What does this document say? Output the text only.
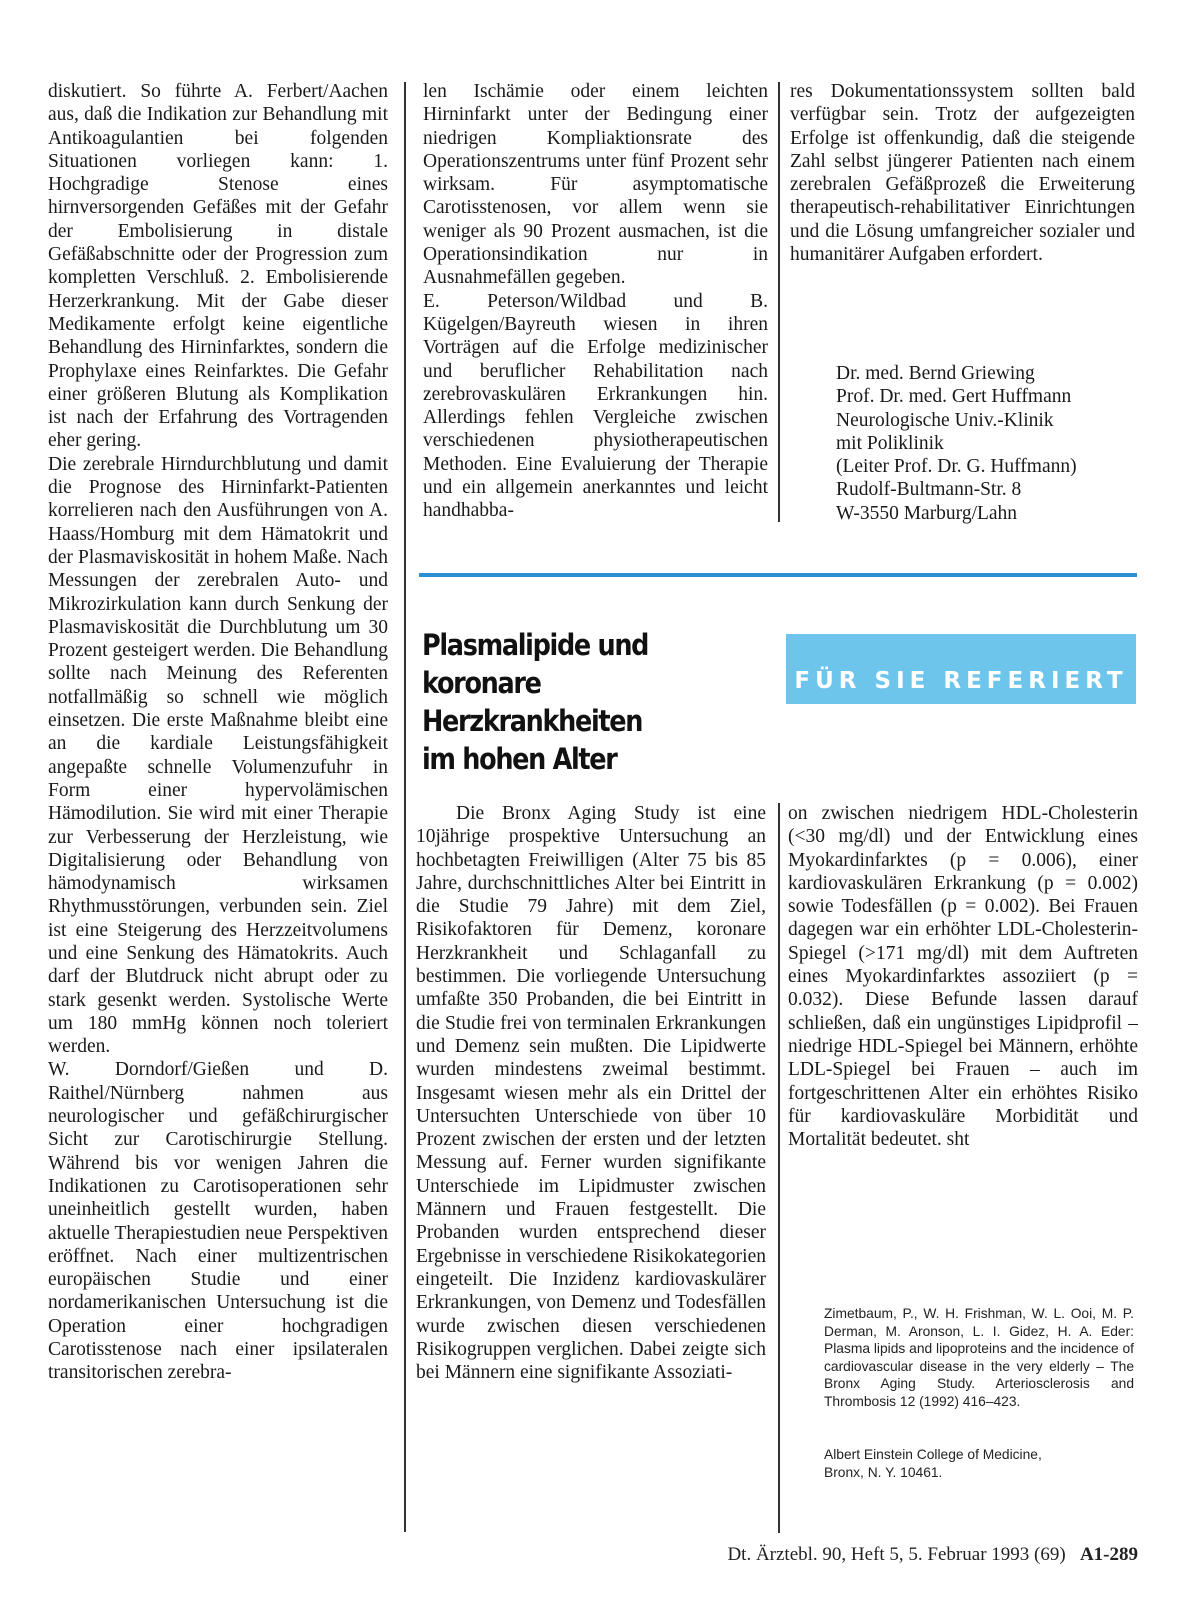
diskutiert. So führte A. Ferbert/Aachen aus, daß die Indikation zur Behandlung mit Antikoagulantien bei folgenden Situationen vorliegen kann: 1. Hochgradige Stenose eines hirnversorgenden Gefäßes mit der Gefahr der Embolisierung in distale Gefäßabschnitte oder der Progression zum kompletten Verschluß. 2. Embolisierende Herzerkrankung. Mit der Gabe dieser Medikamente erfolgt keine eigentliche Behandlung des Hirninfarktes, sondern die Prophylaxe eines Reinfarktes. Die Gefahr einer größeren Blutung als Komplikation ist nach der Erfahrung des Vortragenden eher gering.

Die zerebrale Hirndurchblutung und damit die Prognose des Hirninfarkt-Patienten korrelieren nach den Ausführungen von A. Haass/Homburg mit dem Hämatokrit und der Plasmaviskosität in hohem Maße. Nach Messungen der zerebralen Auto- und Mikrozirkulation kann durch Senkung der Plasmaviskosität die Durchblutung um 30 Prozent gesteigert werden. Die Behandlung sollte nach Meinung des Referenten notfallmäßig so schnell wie möglich einsetzen. Die erste Maßnahme bleibt eine an die kardiale Leistungsfähigkeit angepaßte schnelle Volumenzufuhr in Form einer hypervolämischen Hämodilution. Sie wird mit einer Therapie zur Verbesserung der Herzleistung, wie Digitalisierung oder Behandlung von hämodynamisch wirksamen Rhythmusstörungen, verbunden sein. Ziel ist eine Steigerung des Herzzeitvolumens und eine Senkung des Hämatokrits. Auch darf der Blutdruck nicht abrupt oder zu stark gesenkt werden. Systolische Werte um 180 mmHg können noch toleriert werden.

W. Dorndorf/Gießen und D. Raithel/Nürnberg nahmen aus neurologischer und gefäßchirurgischer Sicht zur Carotischirurgie Stellung. Während bis vor wenigen Jahren die Indikationen zu Carotisoperationen sehr uneinheitlich gestellt wurden, haben aktuelle Therapiestudien neue Perspektiven eröffnet. Nach einer multizentrischen europäischen Studie und einer nordamerikanischen Untersuchung ist die Operation einer hochgradigen Carotisstenose nach einer ipsilateralen transitorischen zerebra-

len Ischämie oder einem leichten Hirninfarkt unter der Bedingung einer niedrigen Kompliaktionsrate des Operationszentrums unter fünf Prozent sehr wirksam. Für asymptomatische Carotisstenosen, vor allem wenn sie weniger als 90 Prozent ausmachen, ist die Operationsindikation nur in Ausnahmefällen gegeben.

E. Peterson/Wildbad und B. Kügelgen/Bayreuth wiesen in ihren Vorträgen auf die Erfolge medizinischer und beruflicher Rehabilitation nach zerebrovaskulären Erkrankungen hin. Allerdings fehlen Vergleiche zwischen verschiedenen physiotherapeutischen Methoden. Eine Evaluierung der Therapie und ein allgemein anerkanntes und leicht handhabba-

res Dokumentationssystem sollten bald verfügbar sein. Trotz der aufgezeigten Erfolge ist offenkundig, daß die steigende Zahl selbst jüngerer Patienten nach einem zerebralen Gefäßprozeß die Erweiterung therapeutisch-rehabilitativer Einrichtungen und die Lösung umfangreicher sozialer und humanitärer Aufgaben erfordert.

Dr. med. Bernd Griewing
Prof. Dr. med. Gert Huffmann
Neurologische Univ.-Klinik
mit Poliklinik
(Leiter Prof. Dr. G. Huffmann)
Rudolf-Bultmann-Str. 8
W-3550 Marburg/Lahn
Plasmalipide und
koronare
Herzkrankheiten
im hohen Alter
FÜR SIE REFERIERT

Die Bronx Aging Study ist eine 10jährige prospektive Untersuchung an hochbetagten Freiwilligen (Alter 75 bis 85 Jahre, durchschnittliches Alter bei Eintritt in die Studie 79 Jahre) mit dem Ziel, Risikofaktoren für Demenz, koronare Herzkrankheit und Schlaganfall zu bestimmen. Die vorliegende Untersuchung umfaßte 350 Probanden, die bei Eintritt in die Studie frei von terminalen Erkrankungen und Demenz sein mußten. Die Lipidwerte wurden mindestens zweimal bestimmt. Insgesamt wiesen mehr als ein Drittel der Untersuchten Unterschiede von über 10 Prozent zwischen der ersten und der letzten Messung auf. Ferner wurden signifikante Unterschiede im Lipidmuster zwischen Männern und Frauen festgestellt. Die Probanden wurden entsprechend dieser Ergebnisse in verschiedene Risikokategorien eingeteilt. Die Inzidenz kardiovaskulärer Erkrankungen, von Demenz und Todesfällen wurde zwischen diesen verschiedenen Risikogruppen verglichen. Dabei zeigte sich bei Männern eine signifikante Assoziati-

on zwischen niedrigem HDL-Cholesterin (<30 mg/dl) und der Entwicklung eines Myokardinfarktes (p = 0.006), einer kardiovaskulären Erkrankung (p = 0.002) sowie Todesfällen (p = 0.002). Bei Frauen dagegen war ein erhöhter LDL-Cholesterin-Spiegel (>171 mg/dl) mit dem Auftreten eines Myokardinfarktes assoziiert (p = 0.032). Diese Befunde lassen darauf schließen, daß ein ungünstiges Lipidprofil – niedrige HDL-Spiegel bei Männern, erhöhte LDL-Spiegel bei Frauen – auch im fortgeschrittenen Alter ein erhöhtes Risiko für kardiovaskuläre Morbidität und Mortalität bedeutet. sht

Zimetbaum, P., W. H. Frishman, W. L. Ooi, M. P. Derman, M. Aronson, L. I. Gidez, H. A. Eder: Plasma lipids and lipoproteins and the incidence of cardiovascular disease in the very elderly – The Bronx Aging Study. Arteriosclerosis and Thrombosis 12 (1992) 416–423.

Albert Einstein College of Medicine,
Bronx, N. Y. 10461.
Dt. Ärztebl. 90, Heft 5, 5. Februar 1993 (69) A1-289
